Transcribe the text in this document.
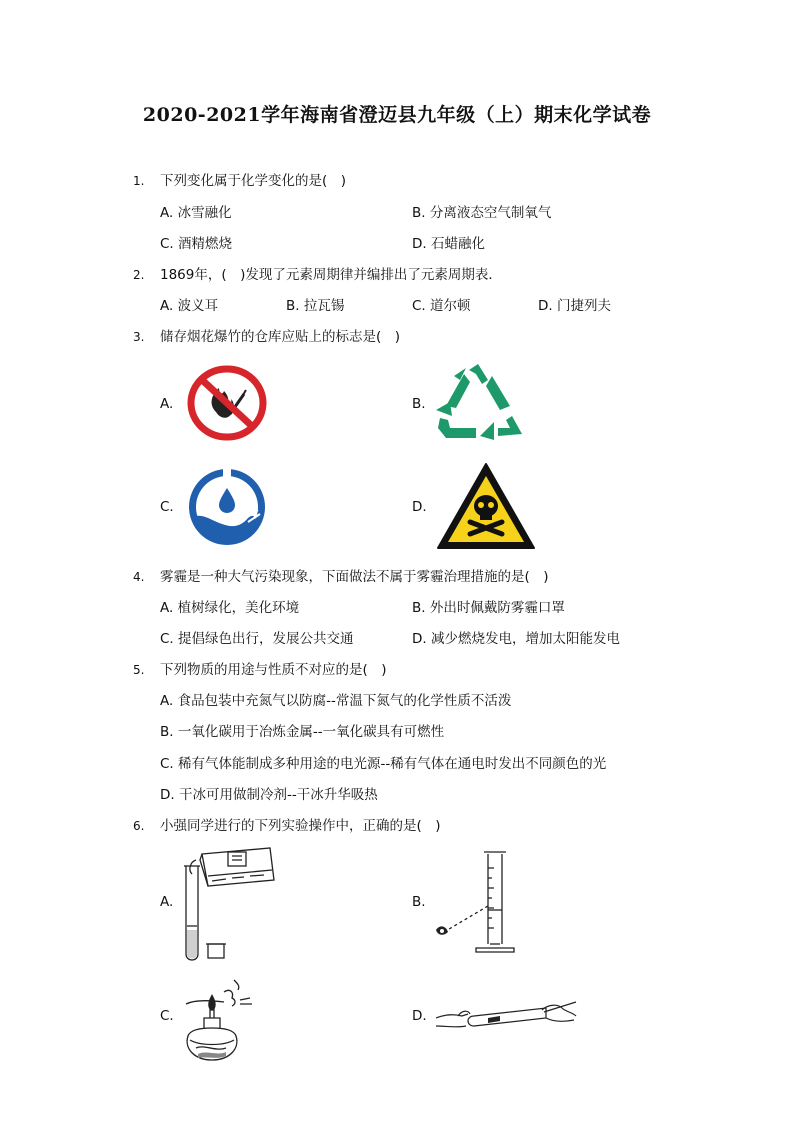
2020-2021学年海南省澄迈县九年级（上）期末化学试卷
1. 下列变化属于化学变化的是(　)
A. 冰雪融化	B. 分离液态空气制氧气
C. 酒精燃烧	D. 石蜡融化
2. 1869年，(　)发现了元素周期律并编排出了元素周期表．
A. 波义耳	B. 拉瓦锡	C. 道尔顿	D. 门捷列夫
3. 储存烟花爆竹的仓库应贴上的标志是(　)
A.	B.
C.	D.
4. 雾霾是一种大气污染现象，下面做法不属于雾霾治理措施的是(　)
A. 植树绿化，美化环境	B. 外出时佩戴防雾霾口罩
C. 提倡绿色出行，发展公共交通	D. 减少燃烧发电，增加太阳能发电
5. 下列物质的用途与性质不对应的是(　)
A. 食品包装中充氮气以防腐--常温下氮气的化学性质不活泼
B. 一氧化碳用于冶炼金属--一氧化碳具有可燃性
C. 稀有气体能制成多种用途的电光源--稀有气体在通电时发出不同颜色的光
D. 干冰可用做制冷剂--干冰升华吸热
6. 小强同学进行的下列实验操作中，正确的是(　)
A.	B.
C.	D.
